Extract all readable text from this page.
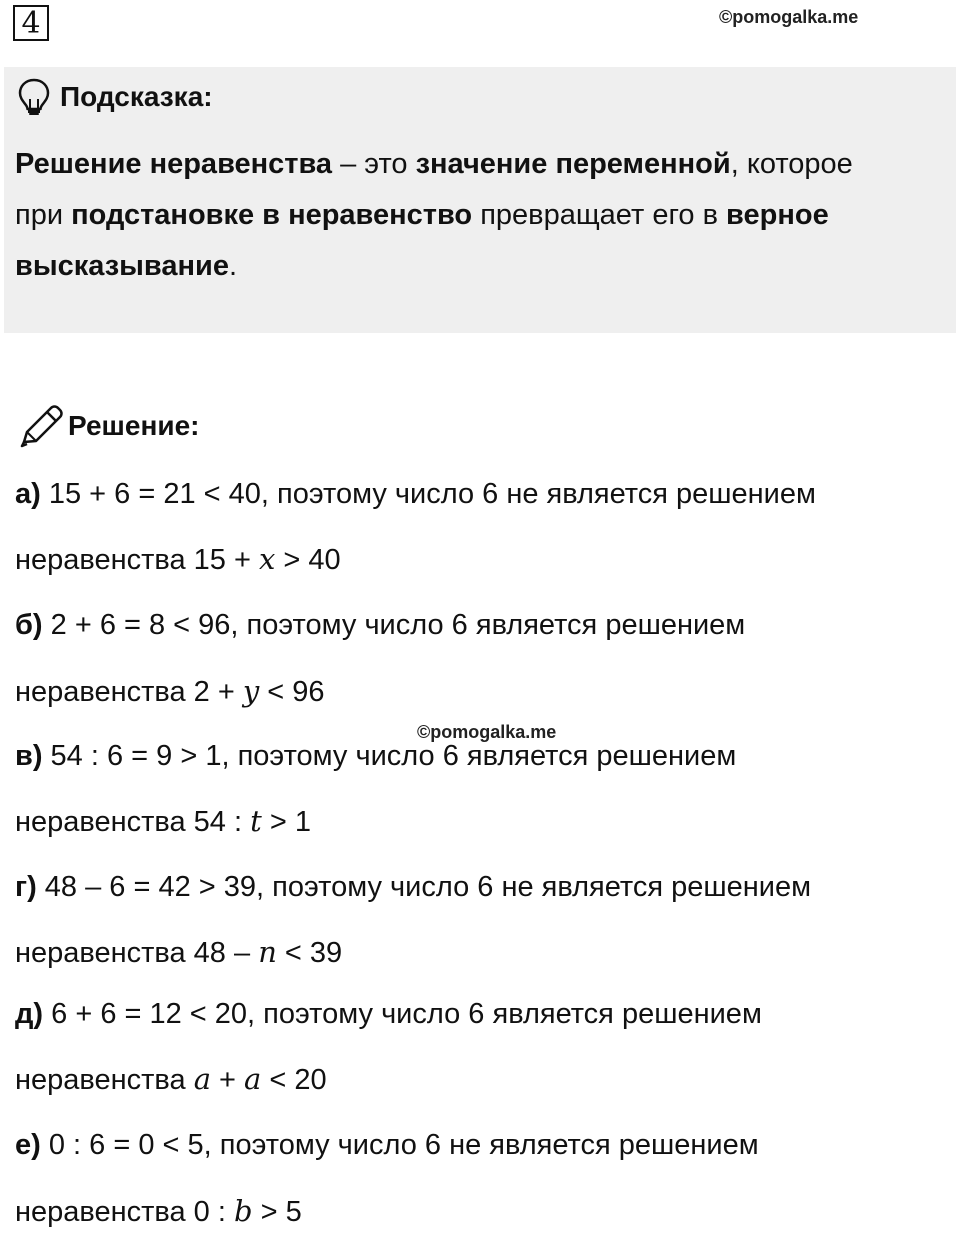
4	©pomogalka.me
Подсказка:
Решение неравенства – это значение переменной, которое
при подстановке в неравенство превращает его в верное
высказывание.
Решение:
а) 15 + 6 = 21 < 40, поэтому число 6 не является решением
неравенства 15 + 𝑥 > 40
б) 2 + 6 = 8 < 96, поэтому число 6 является решением
неравенства 2 + 𝑦 < 96
©pomogalka.me
в) 54 : 6 = 9 > 1, поэтому число 6 является решением
неравенства 54 : 𝑡 > 1
г) 48 – 6 = 42 > 39, поэтому число 6 не является решением
неравенства 48 – 𝑛 < 39
д) 6 + 6 = 12 < 20, поэтому число 6 является решением
неравенства 𝑎 + 𝑎 < 20
е) 0 : 6 = 0 < 5, поэтому число 6 не является решением
неравенства 0 : 𝑏 > 5
